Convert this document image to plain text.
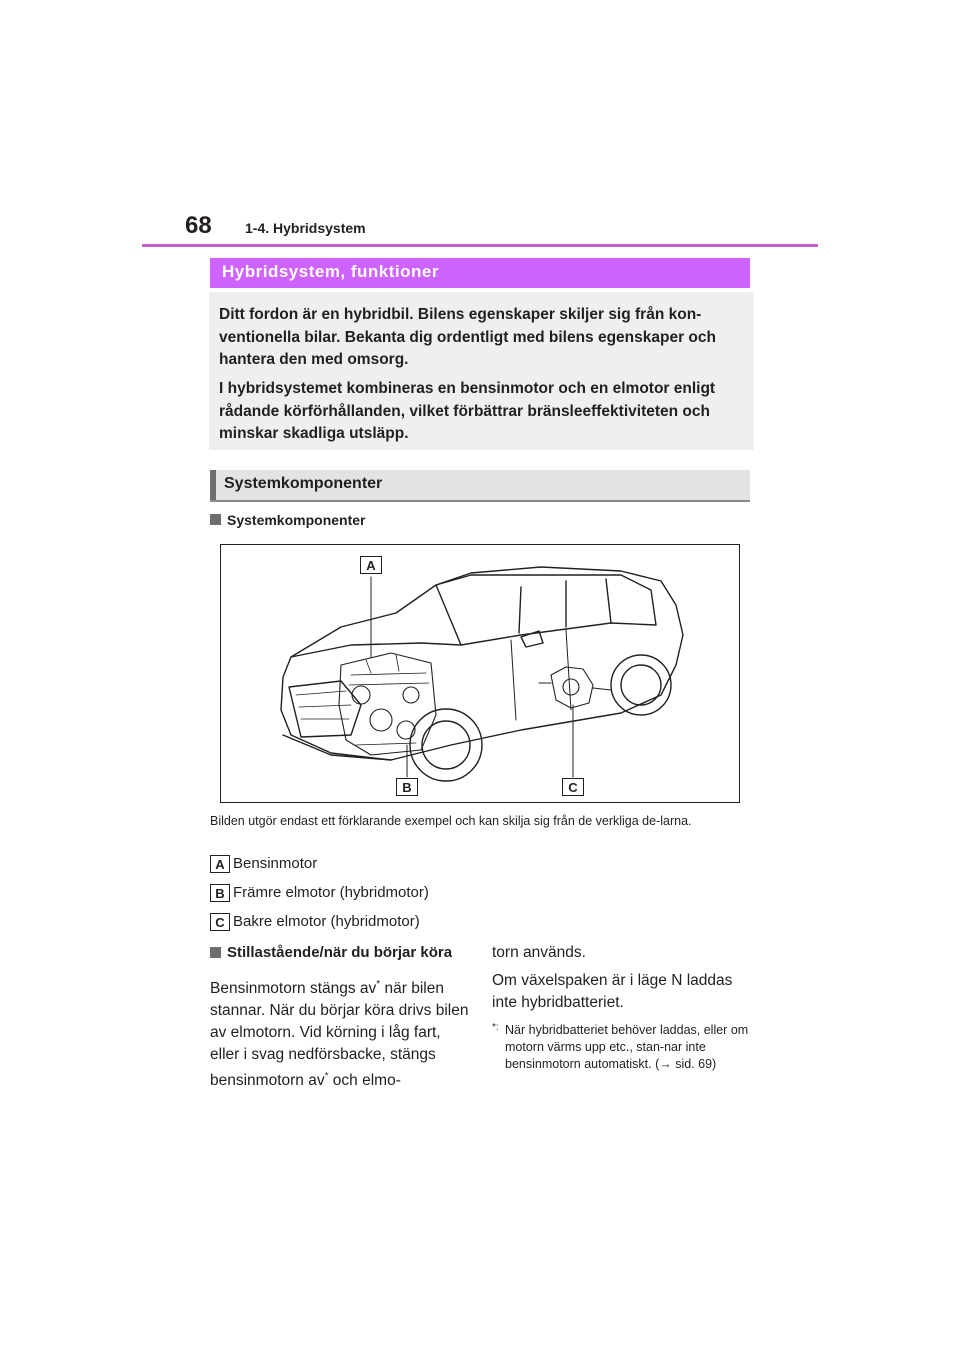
68 1-4. Hybridsystem
Hybridsystem, funktioner
Ditt fordon är en hybridbil. Bilens egenskaper skiljer sig från kon-ventionella bilar. Bekanta dig ordentligt med bilens egenskaper och hantera den med omsorg.
I hybridsystemet kombineras en bensinmotor och en elmotor enligt rådande körförhållanden, vilket förbättrar bränsleeffektiviteten och minskar skadliga utsläpp.
Systemkomponenter
Systemkomponenter
A
B	C
Bilden utgör endast ett förklarande exempel och kan skilja sig från de verkliga de-larna.
A Bensinmotor
B Främre elmotor (hybridmotor)
C Bakre elmotor (hybridmotor)
Stillastående/när du börjar köra

Bensinmotorn stängs av* när bilen stannar. När du börjar köra drivs bilen av elmotorn. Vid körning i låg fart, eller i svag nedförsbacke, stängs bensinmotorn av* och elmo-

torn används.

Om växelspaken är i läge N laddas inte hybridbatteriet.

*: När hybridbatteriet behöver laddas, eller om motorn värms upp etc., stan-nar inte bensinmotorn automatiskt. (→ sid. 69)
